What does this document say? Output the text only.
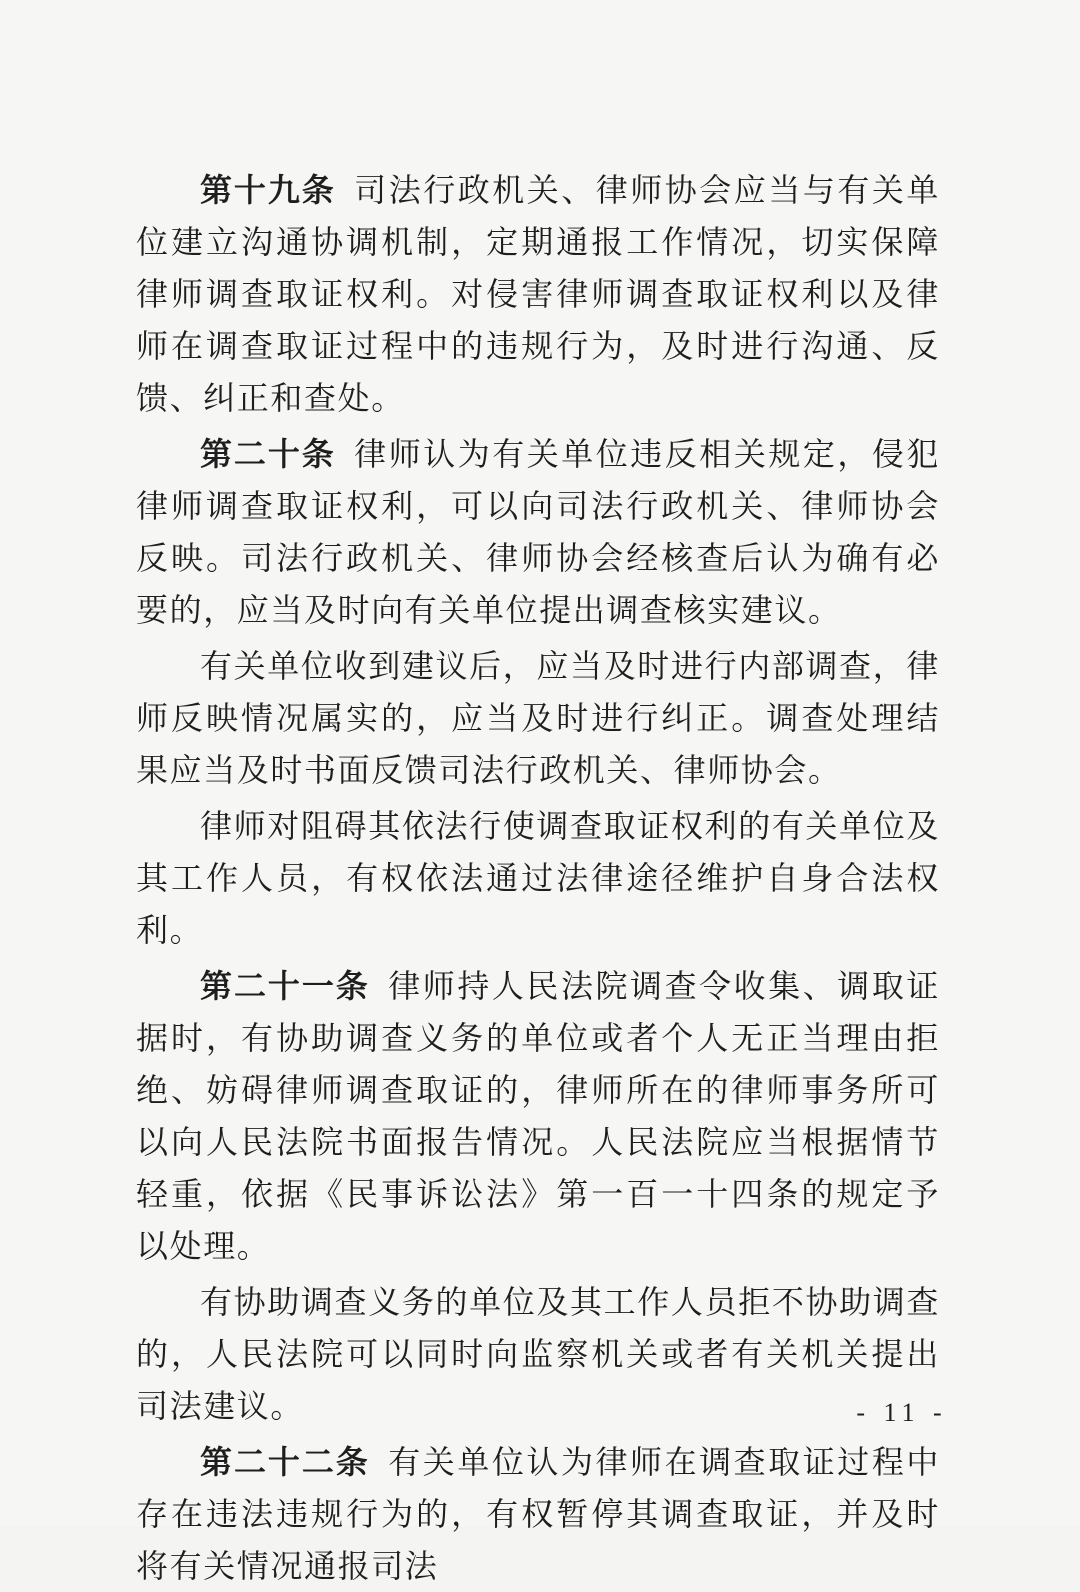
第十九条  司法行政机关、律师协会应当与有关单位建立沟通协调机制，定期通报工作情况，切实保障律师调查取证权利。对侵害律师调查取证权利以及律师在调查取证过程中的违规行为，及时进行沟通、反馈、纠正和查处。

第二十条  律师认为有关单位违反相关规定，侵犯律师调查取证权利，可以向司法行政机关、律师协会反映。司法行政机关、律师协会经核查后认为确有必要的，应当及时向有关单位提出调查核实建议。

有关单位收到建议后，应当及时进行内部调查，律师反映情况属实的，应当及时进行纠正。调查处理结果应当及时书面反馈司法行政机关、律师协会。

律师对阻碍其依法行使调查取证权利的有关单位及其工作人员，有权依法通过法律途径维护自身合法权利。

第二十一条  律师持人民法院调查令收集、调取证据时，有协助调查义务的单位或者个人无正当理由拒绝、妨碍律师调查取证的，律师所在的律师事务所可以向人民法院书面报告情况。人民法院应当根据情节轻重，依据《民事诉讼法》第一百一十四条的规定予以处理。

有协助调查义务的单位及其工作人员拒不协助调查的，人民法院可以同时向监察机关或者有关机关提出司法建议。

第二十二条  有关单位认为律师在调查取证过程中存在违法违规行为的，有权暂停其调查取证，并及时将有关情况通报司法

- 11 -
